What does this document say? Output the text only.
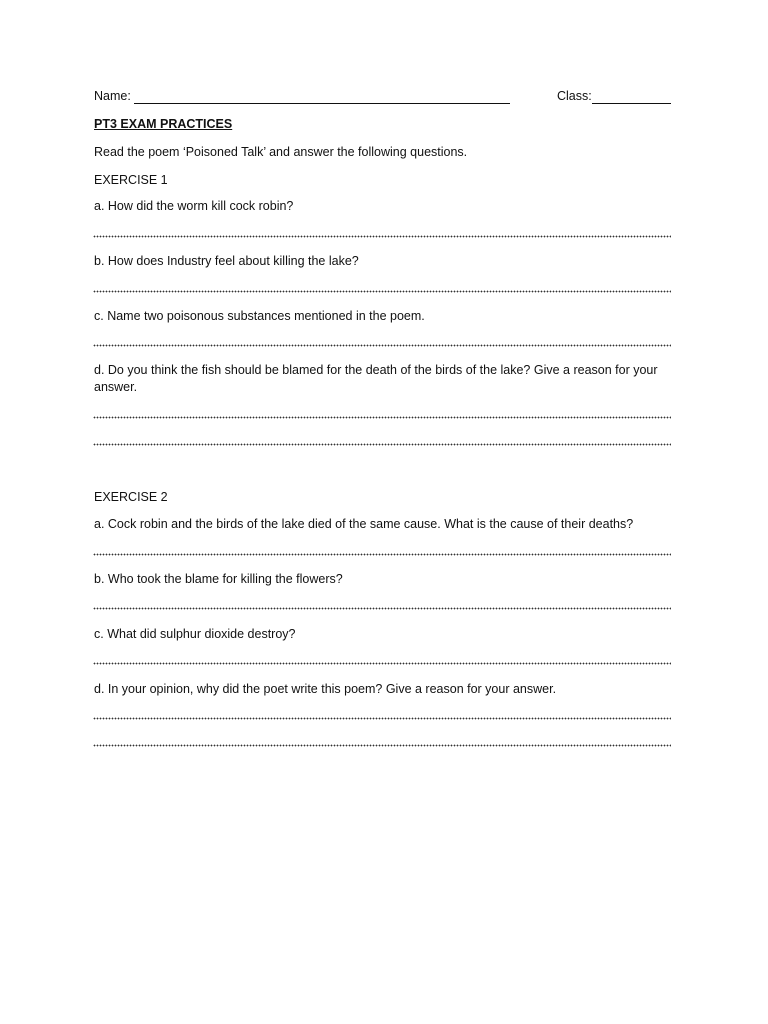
Name:	Class:
PT3 EXAM PRACTICES
Read the poem ‘Poisoned Talk’ and answer the following questions.
EXERCISE 1
a. How did the worm kill cock robin?
b. How does Industry feel about killing the lake?
c. Name two poisonous substances mentioned in the poem.
d. Do you think the fish should be blamed for the death of the birds of the lake? Give a reason for your answer.
EXERCISE 2
a. Cock robin and the birds of the lake died of the same cause. What is the cause of their deaths?
b. Who took the blame for killing the flowers?
c. What did sulphur dioxide destroy?
d. In your opinion, why did the poet write this poem? Give a reason for your answer.
